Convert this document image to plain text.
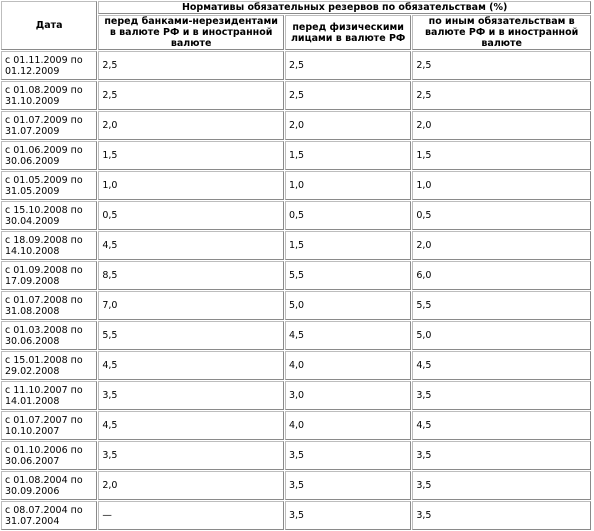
Дата	Нормативы обязательных резервов по обязательствам (%)		
	перед банками-нерезидентами в валюте РФ и в иностранной валюте	перед физическими лицами в валюте РФ	по иным обязательствам в валюте РФ и в иностранной валюте
с 01.11.2009 по 01.12.2009	2,5	2,5	2,5
с 01.08.2009 по 31.10.2009	2,5	2,5	2,5
с 01.07.2009 по 31.07.2009	2,0	2,0	2,0
с 01.06.2009 по 30.06.2009	1,5	1,5	1,5
с 01.05.2009 по 31.05.2009	1,0	1,0	1,0
с 15.10.2008 по 30.04.2009	0,5	0,5	0,5
с 18.09.2008 по 14.10.2008	4,5	1,5	2,0
с 01.09.2008 по 17.09.2008	8,5	5,5	6,0
с 01.07.2008 по 31.08.2008	7,0	5,0	5,5
с 01.03.2008 по 30.06.2008	5,5	4,5	5,0
с 15.01.2008 по 29.02.2008	4,5	4,0	4,5
с 11.10.2007 по 14.01.2008	3,5	3,0	3,5
с 01.07.2007 по 10.10.2007	4,5	4,0	4,5
с 01.10.2006 по 30.06.2007	3,5	3,5	3,5
с 01.08.2004 по 30.09.2006	2,0	3,5	3,5
с 08.07.2004 по 31.07.2004	—	3,5	3,5
